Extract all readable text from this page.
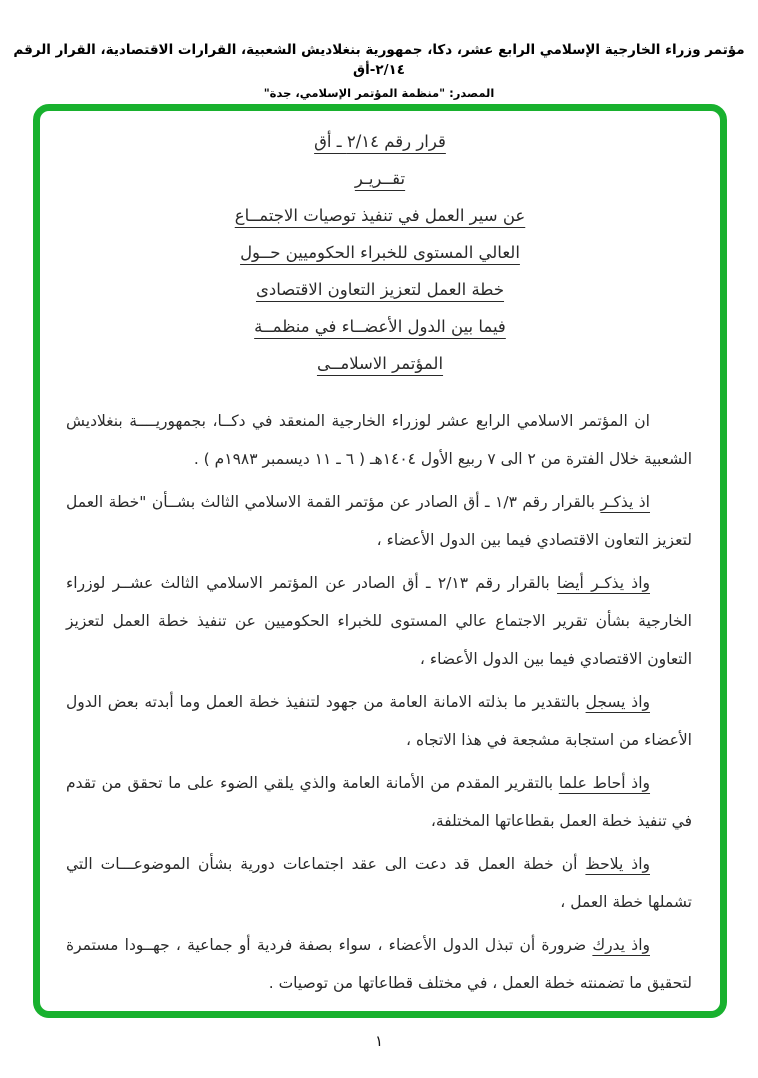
مؤتمر وزراء الخارجية الإسلامي الرابع عشر، دكا، جمهورية بنغلاديش الشعبية، القرارات الاقتصادية، القرار الرقم ٢/١٤-أق
المصدر: "منظمة المؤتمر الإسلامي، جدة"
قرار رقم ٢/١٤ ـ أق
تقــريـر
عن سير العمل في تنفيذ توصيات الاجتمــاع
العالي المستوى للخبراء الحكوميين حــول
خطة العمل لتعزيز التعاون الاقتصادى
فيما بين الدول الأعضــاء في منظمــة
المؤتمر الاسلامــى

ان المؤتمر الاسلامي الرابع عشر لوزراء الخارجية المنعقد في دكــا، بجمهوريــــة بنغلاديش الشعبية خلال الفترة من ٢ الى ٧ ربيع الأول ١٤٠٤هـ ( ٦ ـ ١١ ديسمبر ١٩٨٣م ) .

اذ يذكـر بالقرار رقم ١/٣ ـ أق الصادر عن مؤتمر القمة الاسلامي الثالث بشــأن "خطة العمل لتعزيز التعاون الاقتصادي فيما بين الدول الأعضاء ،

واذ يذكـر أيضا بالقرار رقم ٢/١٣ ـ أق الصادر عن المؤتمر الاسلامي الثالث عشــر لوزراء الخارجية بشأن تقرير الاجتماع عالي المستوى للخبراء الحكوميين عن تنفيذ خطة العمل لتعزيز التعاون الاقتصادي فيما بين الدول الأعضاء ،

واذ يسجل بالتقدير ما بذلته الامانة العامة من جهود لتنفيذ خطة العمل وما أبدته بعض الدول الأعضاء من استجابة مشجعة في هذا الاتجاه ،

واذ أحاط علما بالتقرير المقدم من الأمانة العامة والذي يلقي الضوء على ما تحقق من تقدم في تنفيذ خطة العمل بقطاعاتها المختلفة،

واذ يلاحظ أن خطة العمل قد دعت الى عقد اجتماعات دورية بشأن الموضوعـــات التي تشملها خطة العمل ،

واذ يدرك ضرورة أن تبذل الدول الأعضاء ، سواء بصفة فردية أو جماعية ، جهــودا مستمرة لتحقيق ما تضمنته خطة العمل ، في مختلف قطاعاتها من توصيات .

١
